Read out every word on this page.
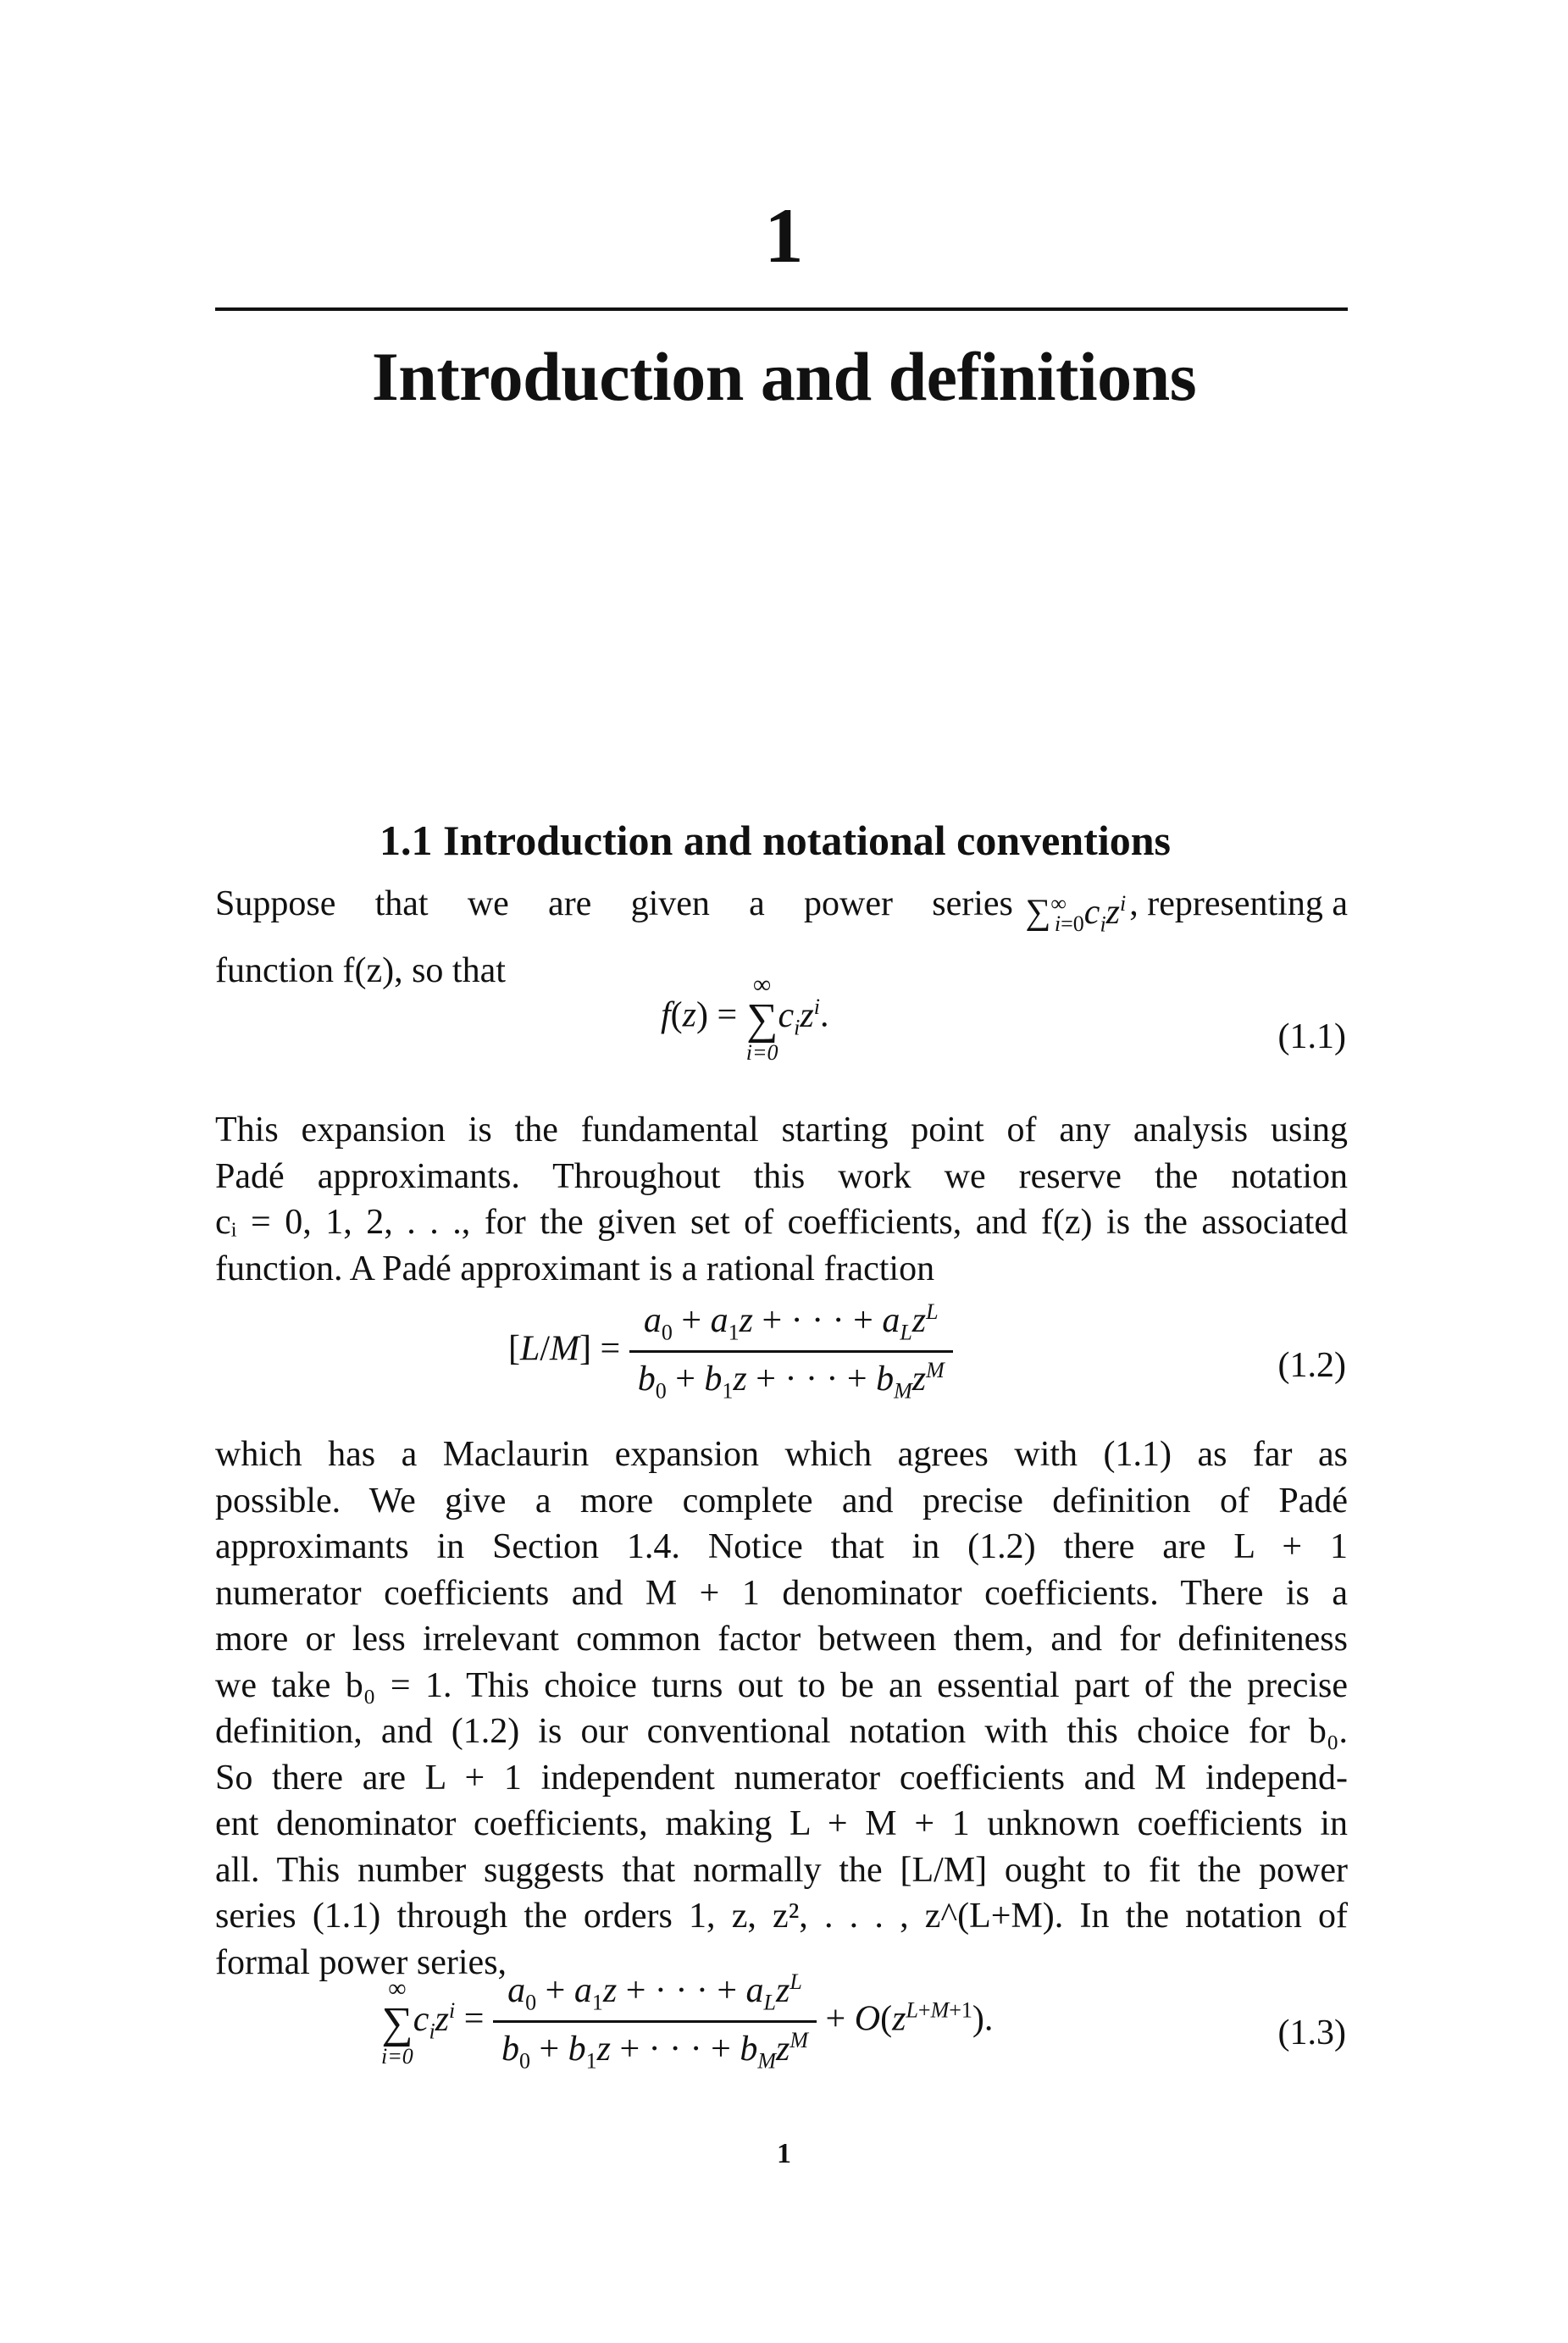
1
Introduction and definitions
1.1 Introduction and notational conventions
Suppose that we are given a power series $\sum^\infty_{i=0}c_iz^i$ , representing a
function f(z), so that
f(z) =
∞
∑
i=0
$c_iz^i$.
(1.1)
This expansion is the fundamental starting point of any analysis using
Padé approximants. Throughout this work we reserve the notation
cᵢ = 0, 1, 2, . . ., for the given set of coefficients, and f(z) is the associated
function. A Padé approximant is a rational fraction
$[L/M] = \frac{a_0 + a_1z + \cdot \cdot \cdot + a_Lz^L}{b_0 + b_1z + \cdot \cdot \cdot + b_Mz^M}$	(1.2)
which has a Maclaurin expansion which agrees with (1.1) as far as
possible. We give a more complete and precise definition of Padé
approximants in Section 1.4. Notice that in (1.2) there are L + 1
numerator coefficients and M + 1 denominator coefficients. There is a
more or less irrelevant common factor between them, and for definiteness
we take b₀ = 1. This choice turns out to be an essential part of the precise
definition, and (1.2) is our conventional notation with this choice for b₀.
So there are L + 1 independent numerator coefficients and M independ-
ent denominator coefficients, making L + M + 1 unknown coefficients in
all. This number suggests that normally the [L/M] ought to fit the power
series (1.1) through the orders 1, z, z², . . . , z^(L+M). In the notation of
formal power series,
∞
∑
i=0
$c_iz^i = \frac{a_0 + a_1z + \cdot \cdot \cdot + a_Lz^L}{b_0 + b_1z + \cdot \cdot \cdot + b_Mz^M} + O(z^{L+M+1})$.	(1.3)
1
